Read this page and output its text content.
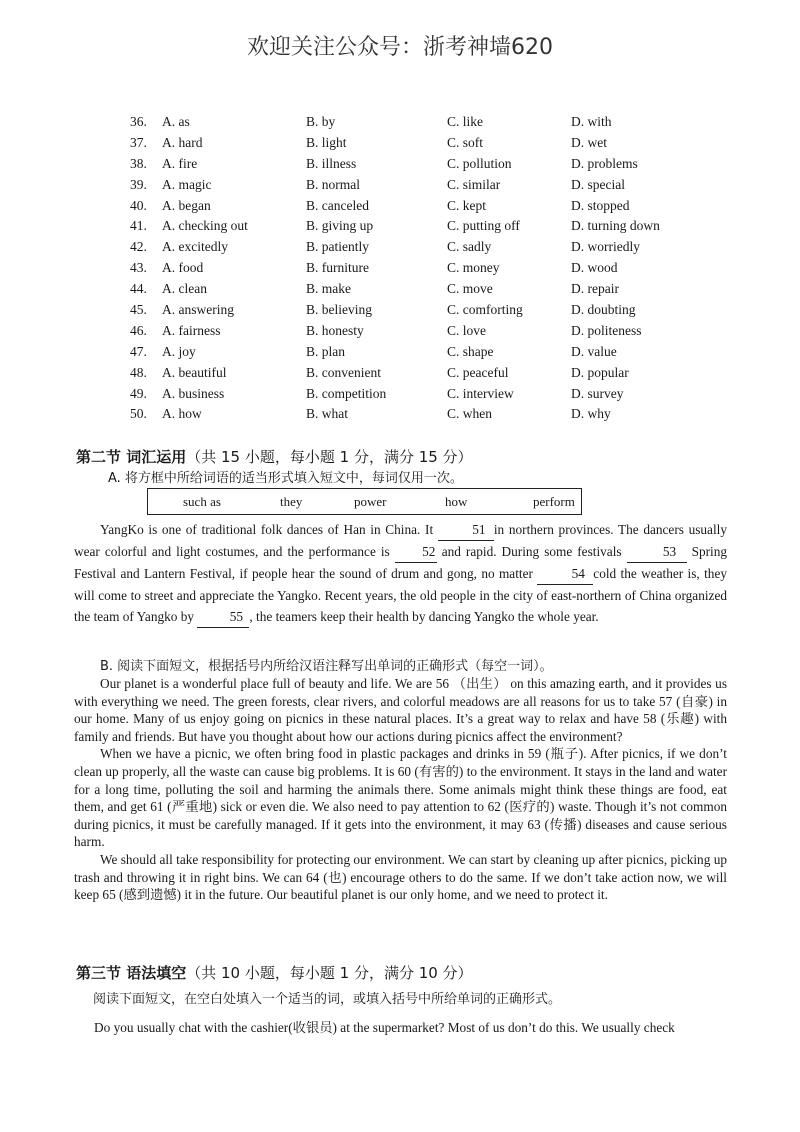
欢迎关注公众号：浙考神墙620
36. A. as	B. by	C. like	D. with
37. A. hard	B. light	C. soft	D. wet
38. A. fire	B. illness	C. pollution	D. problems
39. A. magic	B. normal	C. similar	D. special
40. A. began	B. canceled	C. kept	D. stopped
41. A. checking out	B. giving up	C. putting off	D. turning down
42. A. excitedly	B. patiently	C. sadly	D. worriedly
43. A. food	B. furniture	C. money	D. wood
44. A. clean	B. make	C. move	D. repair
45. A. answering	B. believing	C. comforting	D. doubting
46. A. fairness	B. honesty	C. love	D. politeness
47. A. joy	B. plan	C. shape	D. value
48. A. beautiful	B. convenient	C. peaceful	D. popular
49. A. business	B. competition	C. interview	D. survey
50. A. how	B. what	C. when	D. why
第二节 词汇运用（共 15 小题，每小题 1 分，满分 15 分）
A. 将方框中所给词语的适当形式填入短文中，每词仅用一次。
such as	they	power	how	perform
YangKo is one of traditional folk dances of Han in China. It	51 in northern provinces. The dancers usually wear colorful and light costumes, and the performance is 52 and rapid. During some festivals	53 Spring Festival and Lantern Festival, if people hear the sound of drum and gong, no matter	54 cold the weather is, they will come to street and appreciate the Yangko. Recent years, the old people in the city of east-northern of China organized the team of Yangko by	55 , the teamers keep their health by dancing Yangko the whole year.
B. 阅读下面短文，根据括号内所给汉语注释写出单词的正确形式（每空一词）。

Our planet is a wonderful place full of beauty and life. We are 56 （出生） on this amazing earth, and it provides us with everything we need. The green forests, clear rivers, and colorful meadows are all reasons for us to take 57 (自豪) in our home. Many of us enjoy going on picnics in these natural places. It’s a great way to relax and have 58 (乐趣) with family and friends. But have you thought about how our actions during picnics affect the environment?

When we have a picnic, we often bring food in plastic packages and drinks in 59 (瓶子). After picnics, if we don’t clean up properly, all the waste can cause big problems. It is 60 (有害的) to the environment. It stays in the land and water for a long time, polluting the soil and harming the animals there. Some animals might think these things are food, eat them, and get 61 (严重地) sick or even die. We also need to pay attention to 62 (医疗的) waste. Though it’s not common during picnics, it must be carefully managed. If it gets into the environment, it may 63 (传播) diseases and cause serious harm.

We should all take responsibility for protecting our environment. We can start by cleaning up after picnics, picking up trash and throwing it in right bins. We can 64 (也) encourage others to do the same. If we don’t take action now, we will keep 65 (感到遗憾) it in the future. Our beautiful planet is our only home, and we need to protect it.

第三节 语法填空（共 10 小题，每小题 1 分，满分 10 分）
阅读下面短文，在空白处填入一个适当的词，或填入括号中所给单词的正确形式。
Do you usually chat with the cashier(收银员) at the supermarket? Most of us don’t do this. We usually check
